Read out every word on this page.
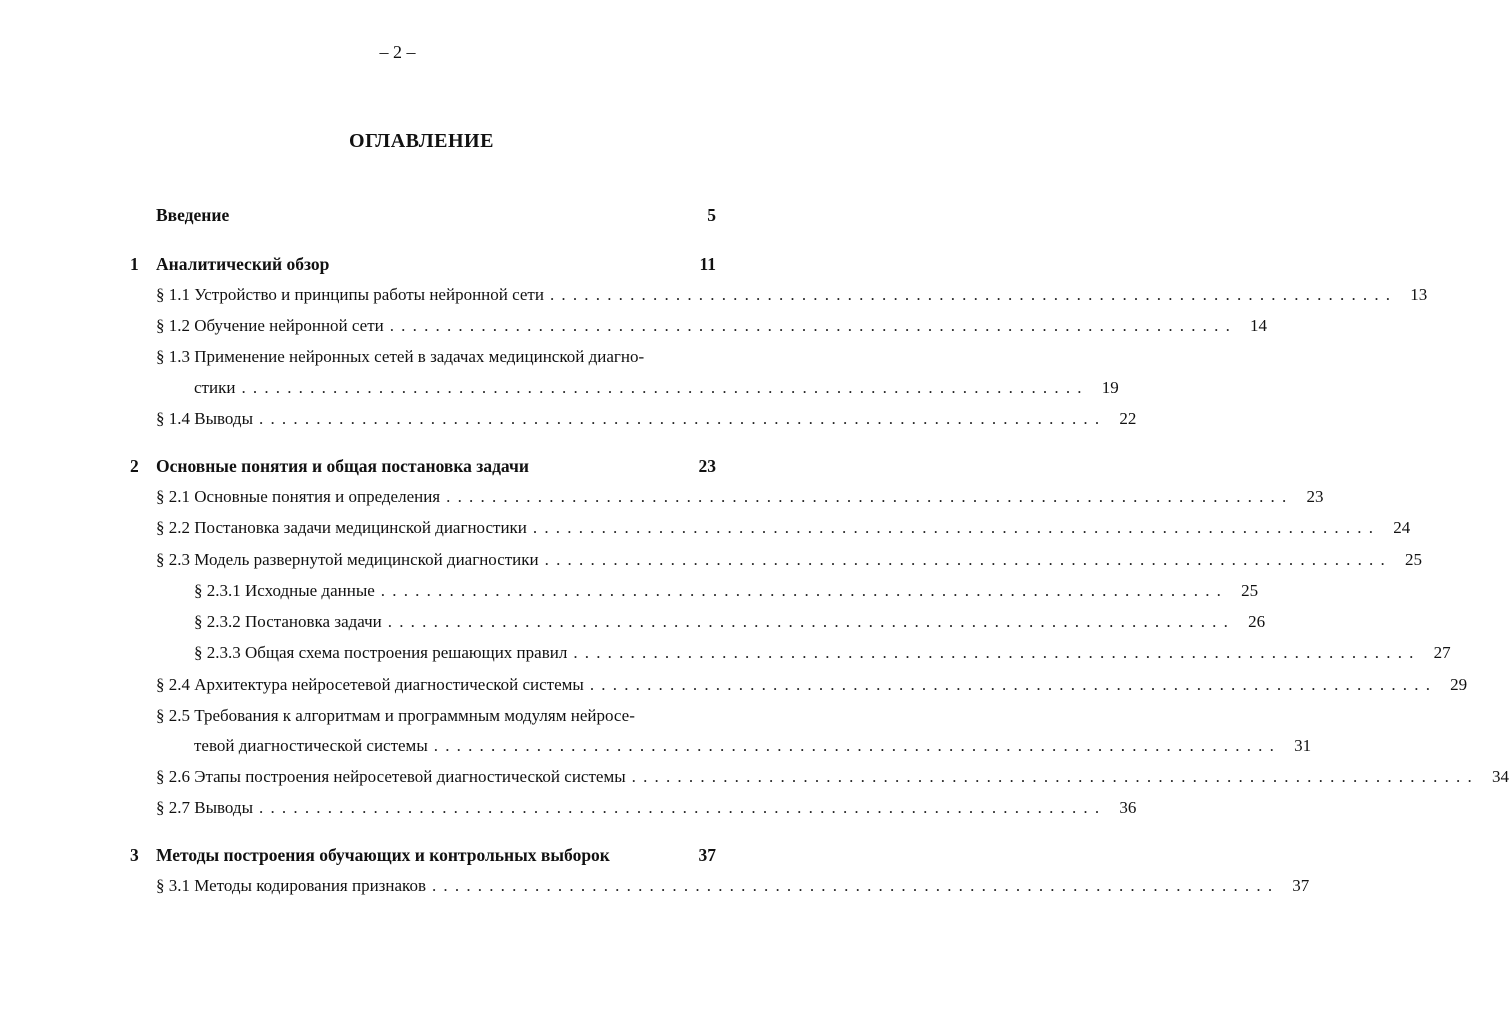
– 2 –
ОГЛАВЛЕНИЕ
Введение	5
1 Аналитический обзор	11
§ 1.1 Устройство и принципы работы нейронной сети .......................................................................... 13
§ 1.2 Обучение нейронной сети .......................................................................... 14
§ 1.3 Применение нейронных сетей в задачах медицинской диагно-
стики .......................................................................... 19
§ 1.4 Выводы .......................................................................... 22
2 Основные понятия и общая постановка задачи	23
§ 2.1 Основные понятия и определения .......................................................................... 23
§ 2.2 Постановка задачи медицинской диагностики .......................................................................... 24
§ 2.3 Модель развернутой медицинской диагностики .......................................................................... 25
§ 2.3.1 Исходные данные .......................................................................... 25
§ 2.3.2 Постановка задачи .......................................................................... 26
§ 2.3.3 Общая схема построения решающих правил .......................................................................... 27
§ 2.4 Архитектура нейросетевой диагностической системы .......................................................................... 29
§ 2.5 Требования к алгоритмам и программным модулям нейросе-
тевой диагностической системы .......................................................................... 31
§ 2.6 Этапы построения нейросетевой диагностической системы .......................................................................... 34
§ 2.7 Выводы .......................................................................... 36
3 Методы построения обучающих и контрольных выборок	37
§ 3.1 Методы кодирования признаков .......................................................................... 37
